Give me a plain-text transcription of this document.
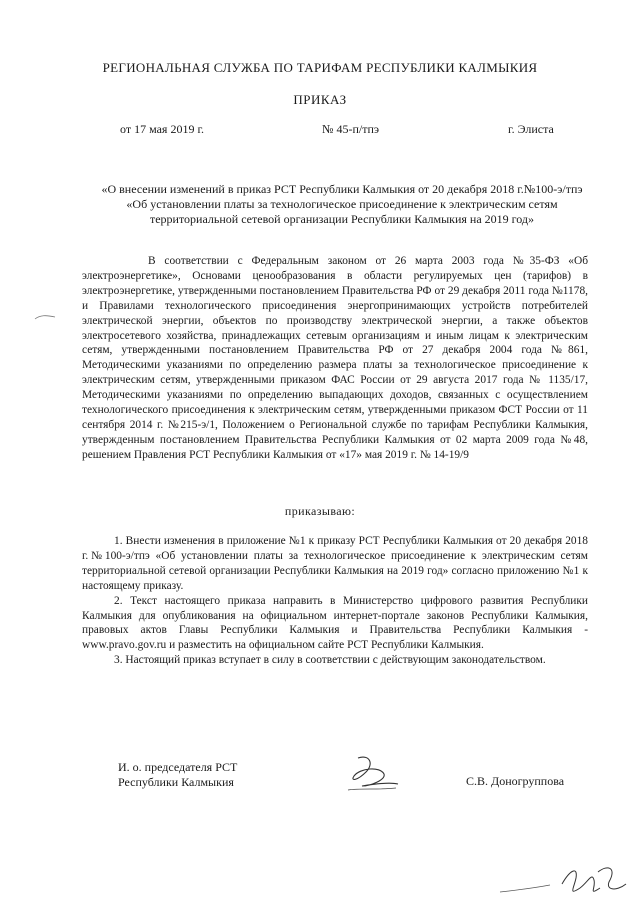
РЕГИОНАЛЬНАЯ СЛУЖБА ПО ТАРИФАМ РЕСПУБЛИКИ КАЛМЫКИЯ

ПРИКАЗ

от 17 мая 2019 г.	№ 45-п/тпэ	г. Элиста

«О внесении изменений в приказ РСТ Республики Калмыкия от 20 декабря 2018 г.№100-э/тпэ «Об установлении платы за технологическое присоединение к электрическим сетям территориальной сетевой организации Республики Калмыкия на 2019 год»

В соответствии с Федеральным законом от 26 марта 2003 года №35-ФЗ «Об электроэнергетике», Основами ценообразования в области регулируемых цен (тарифов) в электроэнергетике, утвержденными постановлением Правительства РФ от 29 декабря 2011 года №1178, и Правилами технологического присоединения энергопринимающих устройств потребителей электрической энергии, объектов по производству электрической энергии, а также объектов электросетевого хозяйства, принадлежащих сетевым организациям и иным лицам к электрическим сетям, утвержденными постановлением Правительства РФ от 27 декабря 2004 года №861, Методическими указаниями по определению размера платы за технологическое присоединение к электрическим сетям, утвержденными приказом ФАС России от 29 августа 2017 года № 1135/17, Методическими указаниями по определению выпадающих доходов, связанных с осуществлением технологического присоединения к электрическим сетям, утвержденными приказом ФСТ России от 11 сентября 2014 г. №215-э/1, Положением о Региональной службе по тарифам Республики Калмыкия, утвержденным постановлением Правительства Республики Калмыкия от 02 марта 2009 года №48, решением Правления РСТ Республики Калмыкия от «17» мая 2019 г. № 14-19/9

приказываю:

1. Внести изменения в приложение №1 к приказу РСТ Республики Калмыкия от 20 декабря 2018 г.№100-э/тпэ «Об установлении платы за технологическое присоединение к электрическим сетям территориальной сетевой организации Республики Калмыкия на 2019 год» согласно приложению №1 к настоящему приказу.

2. Текст настоящего приказа направить в Министерство цифрового развития Республики Калмыкия для опубликования на официальном интернет-портале законов Республики Калмыкия, правовых актов Главы Республики Калмыкия и Правительства Республики Калмыкия - www.pravo.gov.ru и разместить на официальном сайте РСТ Республики Калмыкия.

3. Настоящий приказ вступает в силу в соответствии с действующим законодательством.

И. о. председателя РСТ
Республики Калмыкия	С.В. Доногруппова
